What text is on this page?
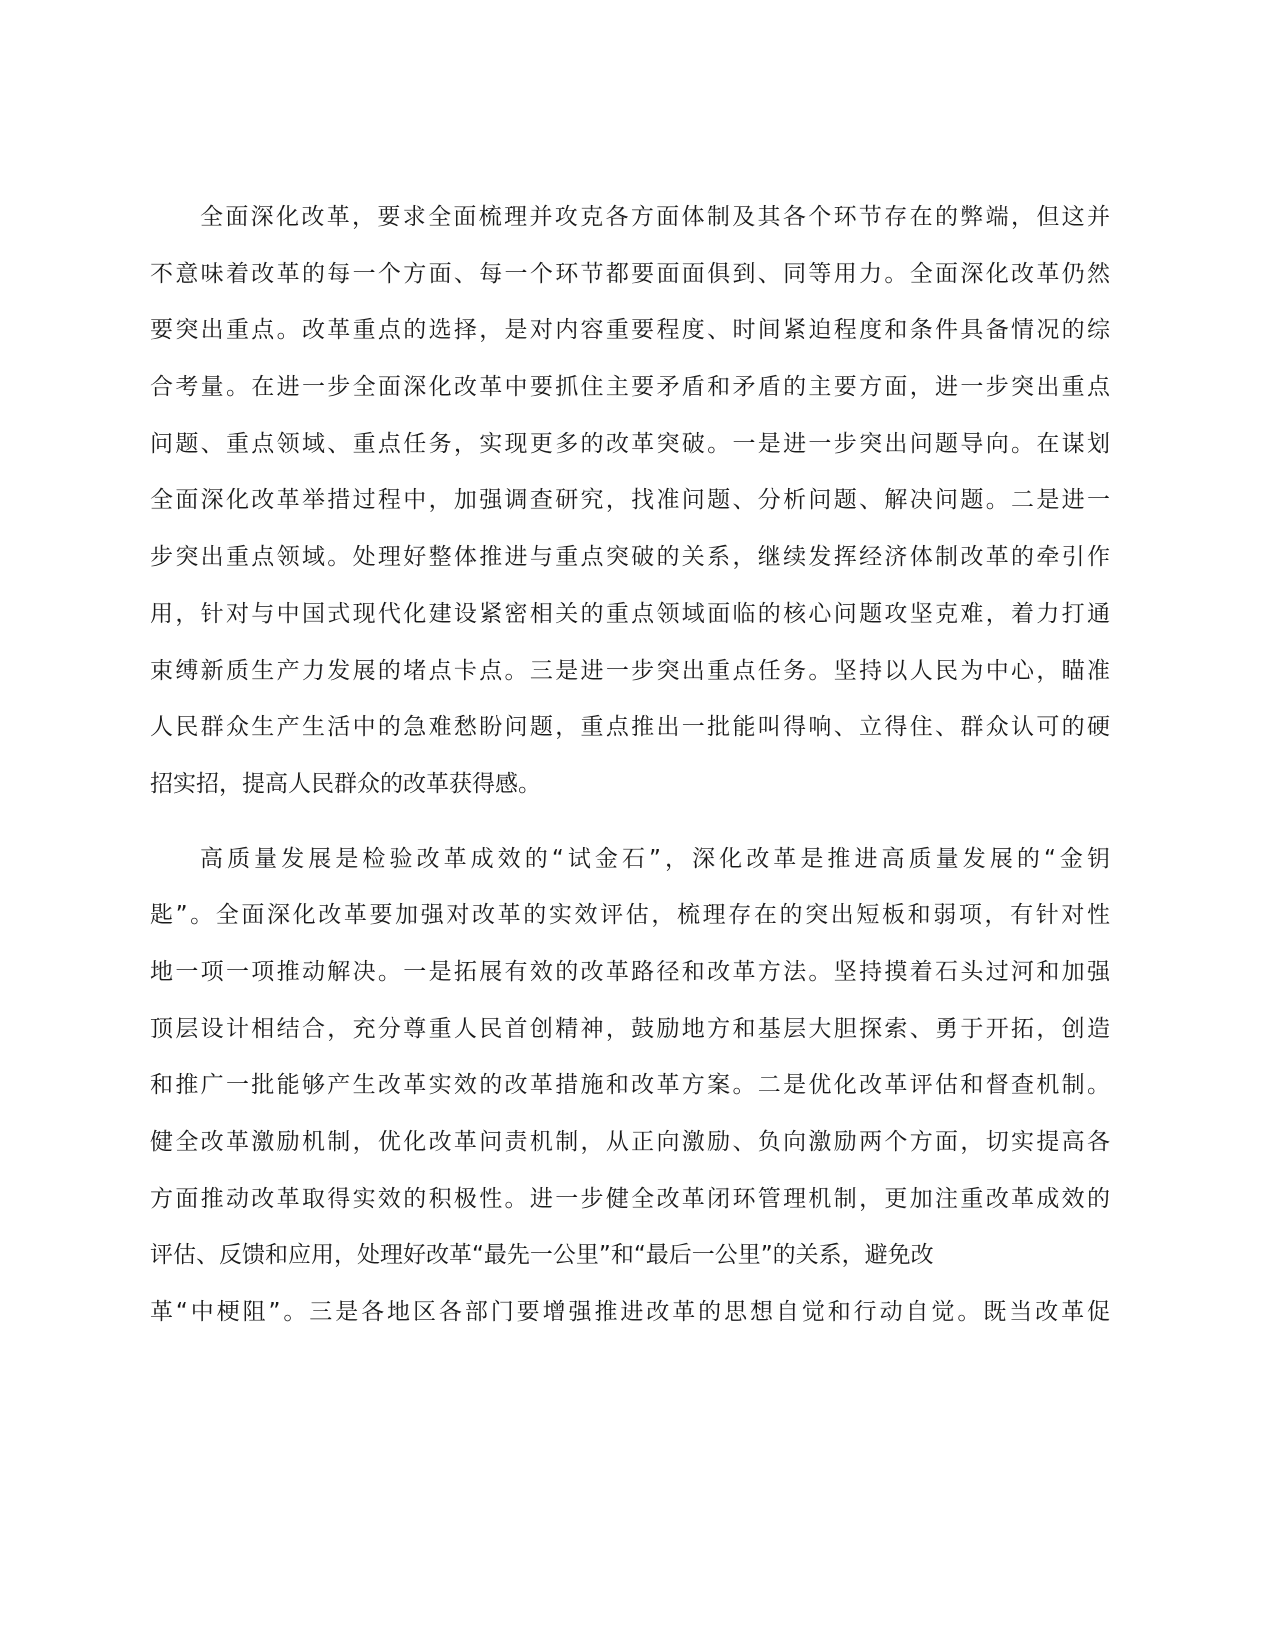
全面深化改革，要求全面梳理并攻克各方面体制及其各个环节存在的弊端，但这并
不意味着改革的每一个方面、每一个环节都要面面俱到、同等用力。全面深化改革仍然
要突出重点。改革重点的选择，是对内容重要程度、时间紧迫程度和条件具备情况的综
合考量。在进一步全面深化改革中要抓住主要矛盾和矛盾的主要方面，进一步突出重点
问题、重点领域、重点任务，实现更多的改革突破。一是进一步突出问题导向。在谋划
全面深化改革举措过程中，加强调查研究，找准问题、分析问题、解决问题。二是进一
步突出重点领域。处理好整体推进与重点突破的关系，继续发挥经济体制改革的牵引作
用，针对与中国式现代化建设紧密相关的重点领域面临的核心问题攻坚克难，着力打通
束缚新质生产力发展的堵点卡点。三是进一步突出重点任务。坚持以人民为中心，瞄准
人民群众生产生活中的急难愁盼问题，重点推出一批能叫得响、立得住、群众认可的硬
招实招，提高人民群众的改革获得感。
高质量发展是检验改革成效的“试金石”，深化改革是推进高质量发展的“金钥
匙”。全面深化改革要加强对改革的实效评估，梳理存在的突出短板和弱项，有针对性
地一项一项推动解决。一是拓展有效的改革路径和改革方法。坚持摸着石头过河和加强
顶层设计相结合，充分尊重人民首创精神，鼓励地方和基层大胆探索、勇于开拓，创造
和推广一批能够产生改革实效的改革措施和改革方案。二是优化改革评估和督查机制。
健全改革激励机制，优化改革问责机制，从正向激励、负向激励两个方面，切实提高各
方面推动改革取得实效的积极性。进一步健全改革闭环管理机制，更加注重改革成效的
评估、反馈和应用，处理好改革“最先一公里”和“最后一公里”的关系，避免改
革“中梗阻”。三是各地区各部门要增强推进改革的思想自觉和行动自觉。既当改革促
